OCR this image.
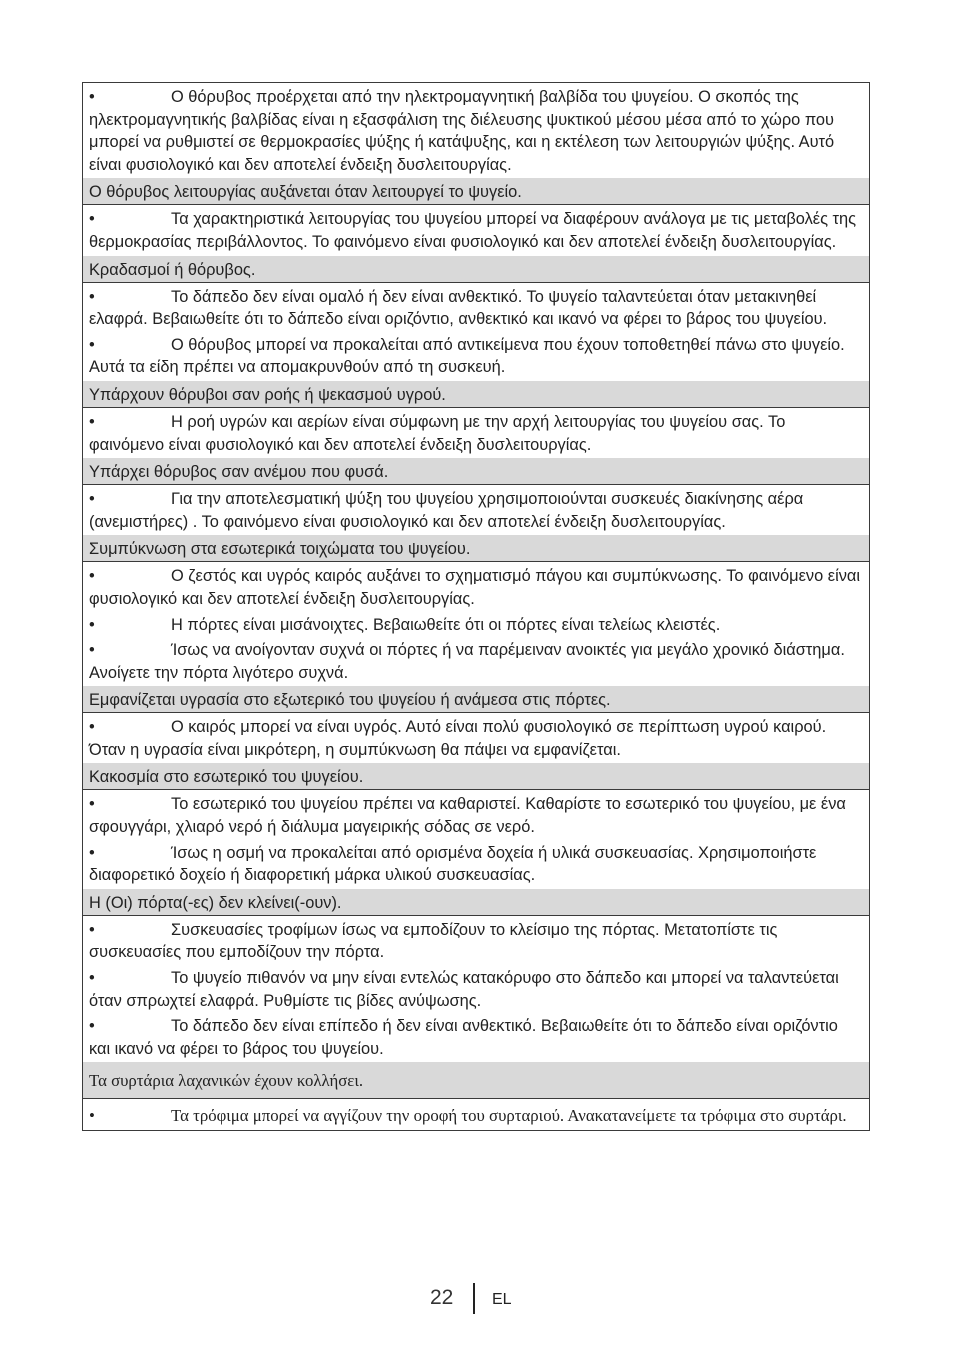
•	Ο θόρυβος προέρχεται από την ηλεκτρομαγνητική βαλβίδα του ψυγείου. Ο σκοπός της ηλεκτρομαγνητικής βαλβίδας είναι η εξασφάλιση της διέλευσης ψυκτικού μέσου μέσα από το χώρο που μπορεί να ρυθμιστεί σε θερμοκρασίες ψύξης ή κατάψυξης, και η εκτέλεση των λειτουργιών ψύξης. Αυτό είναι φυσιολογικό και δεν αποτελεί ένδειξη δυσλειτουργίας.
Ο θόρυβος λειτουργίας αυξάνεται όταν λειτουργεί το ψυγείο.
•	Τα χαρακτηριστικά λειτουργίας του ψυγείου μπορεί να διαφέρουν ανάλογα με τις μεταβολές της θερμοκρασίας περιβάλλοντος. Το φαινόμενο είναι φυσιολογικό και δεν αποτελεί ένδειξη δυσλειτουργίας.
Κραδασμοί ή θόρυβος.
•	Το δάπεδο δεν είναι ομαλό ή δεν είναι ανθεκτικό. Το ψυγείο ταλαντεύεται όταν μετακινηθεί ελαφρά. Βεβαιωθείτε ότι το δάπεδο είναι οριζόντιο, ανθεκτικό και ικανό να φέρει το βάρος του ψυγείου.
•	Ο θόρυβος μπορεί να προκαλείται από αντικείμενα που έχουν τοποθετηθεί πάνω στο ψυγείο. Αυτά τα είδη πρέπει να απομακρυνθούν από τη συσκευή.
Υπάρχουν θόρυβοι σαν ροής ή ψεκασμού υγρού.
•	Η ροή υγρών και αερίων είναι σύμφωνη με την αρχή λειτουργίας του ψυγείου σας. Το φαινόμενο είναι φυσιολογικό και δεν αποτελεί ένδειξη δυσλειτουργίας.
Υπάρχει θόρυβος σαν ανέμου που φυσά.
•	Για την αποτελεσματική ψύξη του ψυγείου χρησιμοποιούνται συσκευές διακίνησης αέρα (ανεμιστήρες) . Το φαινόμενο είναι φυσιολογικό και δεν αποτελεί ένδειξη δυσλειτουργίας.
Συμπύκνωση στα εσωτερικά τοιχώματα του ψυγείου.
•	Ο ζεστός και υγρός καιρός αυξάνει το σχηματισμό πάγου και συμπύκνωσης. Το φαινόμενο είναι φυσιολογικό και δεν αποτελεί ένδειξη δυσλειτουργίας.
•	Η πόρτες είναι μισάνοιχτες. Βεβαιωθείτε ότι οι πόρτες είναι τελείως κλειστές.
•	Ίσως να ανοίγονταν συχνά οι πόρτες ή να παρέμειναν ανοικτές για μεγάλο χρονικό διάστημα. Ανοίγετε την πόρτα λιγότερο συχνά.
Εμφανίζεται υγρασία στο εξωτερικό του ψυγείου ή ανάμεσα στις πόρτες.
•	Ο καιρός μπορεί να είναι υγρός. Αυτό είναι πολύ φυσιολογικό σε περίπτωση υγρού καιρού. Όταν η υγρασία είναι μικρότερη, η συμπύκνωση θα πάψει να εμφανίζεται.
Κακοσμία στο εσωτερικό του ψυγείου.
•	Το εσωτερικό του ψυγείου πρέπει να καθαριστεί. Καθαρίστε το εσωτερικό του ψυγείου, με ένα σφουγγάρι, χλιαρό νερό ή διάλυμα μαγειρικής σόδας σε νερό.
•	Ίσως η οσμή να προκαλείται από ορισμένα δοχεία ή υλικά συσκευασίας. Χρησιμοποιήστε διαφορετικό δοχείο ή διαφορετική μάρκα υλικού συσκευασίας.
Η (Οι) πόρτα(-ες) δεν κλείνει(-ουν).
•	Συσκευασίες τροφίμων ίσως να εμποδίζουν το κλείσιμο της πόρτας. Μετατοπίστε τις συσκευασίες που εμποδίζουν την πόρτα.
•	Το ψυγείο πιθανόν να μην είναι εντελώς κατακόρυφο στο δάπεδο και μπορεί να ταλαντεύεται όταν σπρωχτεί ελαφρά. Ρυθμίστε τις βίδες ανύψωσης.
•	Το δάπεδο δεν είναι επίπεδο ή δεν είναι ανθεκτικό. Βεβαιωθείτε ότι το δάπεδο είναι οριζόντιο και ικανό να φέρει το βάρος του ψυγείου.
Τα συρτάρια λαχανικών έχουν κολλήσει.
•	Τα τρόφιμα μπορεί να αγγίζουν την οροφή του συρταριού. Ανακατανείμετε τα τρόφιμα στο συρτάρι.
22 EL
